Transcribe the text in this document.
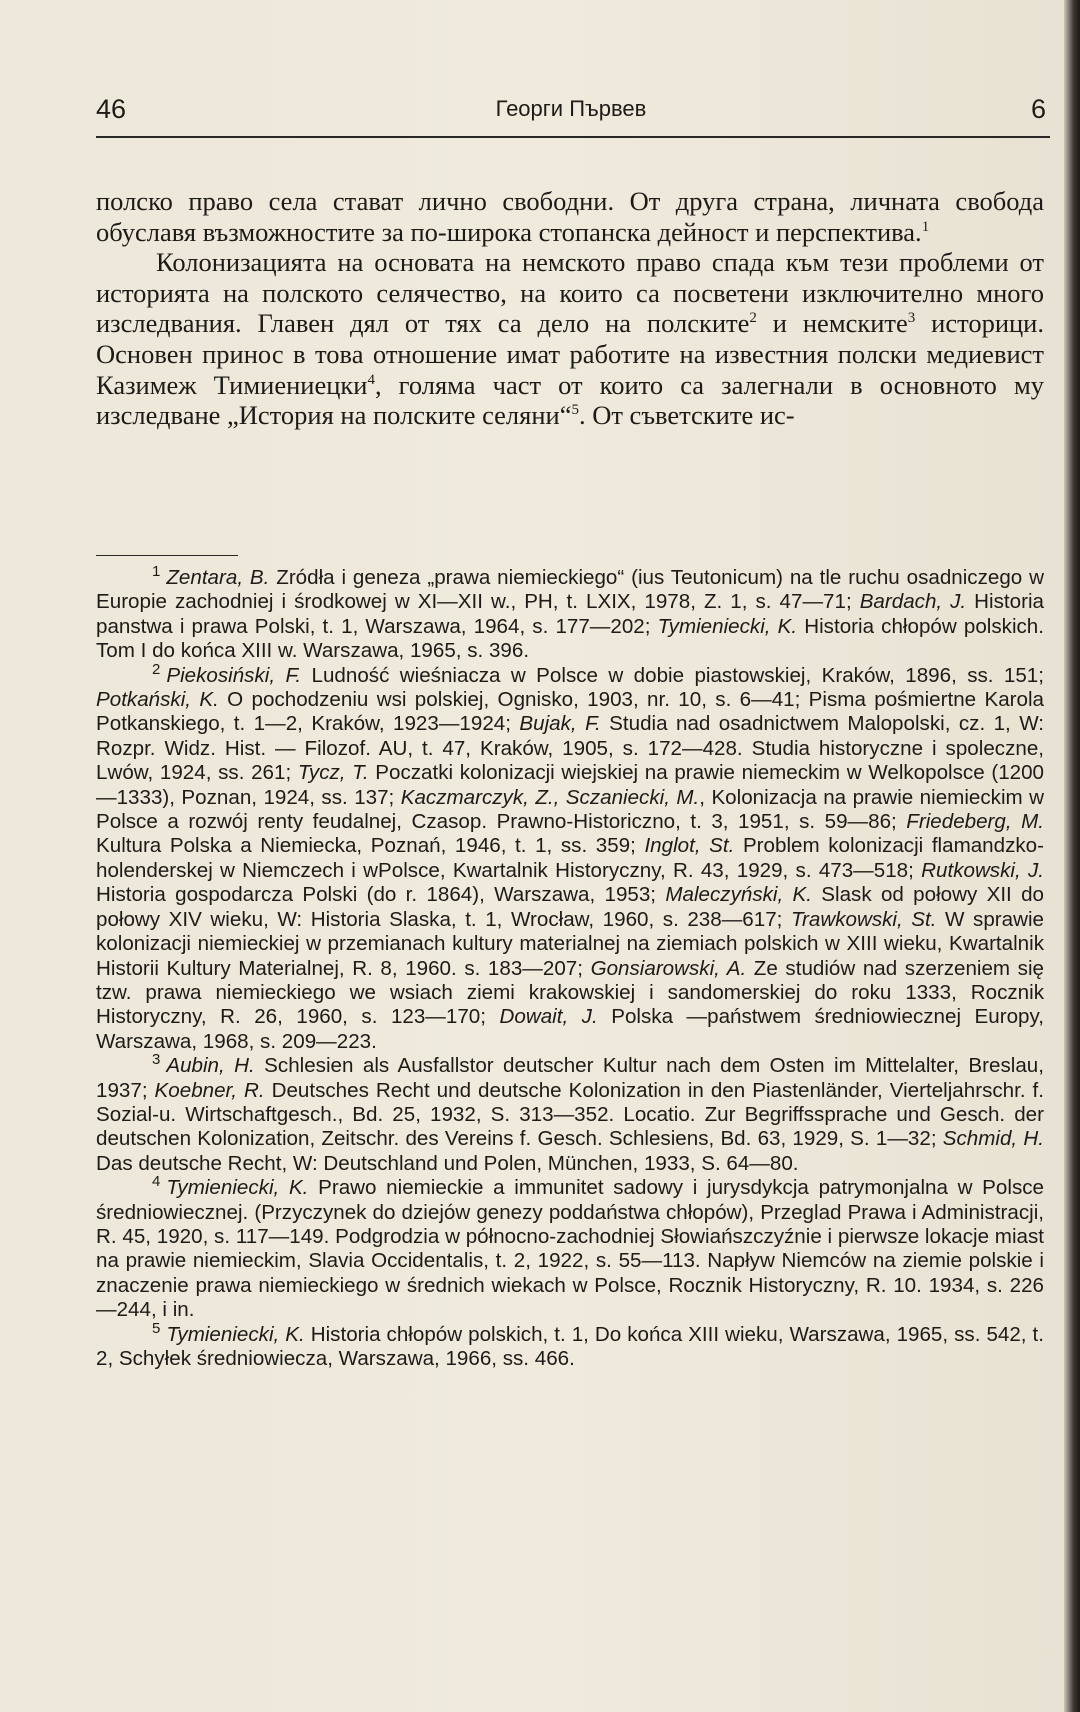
46	Георги Първев	6

полско право села стават лично свободни. От друга страна, личната свобода обуславя възможностите за по-широка стопанска дейност и перспектива.$^1$

Колонизацията на основата на немското право спада към тези проблеми от историята на полското селячество, на които са посветени изключително много изследвания. Главен дял от тях са дело на полските$^2$ и немските$^3$ историци. Основен принос в това отношение имат работите на известния полски медиевист Казимеж Тимиениецки$^4$, голяма част от които са залегнали в основното му изследване „История на полските селяни“$^5$. От съветските ис-

$^1$ Zentara, B. Zródła i geneza „prawa niemieckiego“ (ius Teutonicum) na tle ruchu osadniczego w Europie zachodniej i środkowej w XI—XII w., PH, t. LXIX, 1978, Z. 1, s. 47—71; Bardach, J. Historia panstwa i prawa Polski, t. 1, Warszawa, 1964, s. 177—202; Tymieniecki, K. Historia chłopów polskich. Tom I do końca XIII w. Warszawa, 1965, s. 396.

$^2$ Piekosiński, F. Ludność wieśniacza w Polsce w dobie piastowskiej, Kraków, 1896, ss. 151; Potkański, K. O pochodzeniu wsi polskiej, Ognisko, 1903, nr. 10, s. 6—41; Pisma pośmiertne Karola Potkanskiego, t. 1—2, Kraków, 1923—1924; Bujak, F. Studia nad osadnictwem Malopolski, cz. 1, W: Rozpr. Widz. Hist. — Filozof. AU, t. 47, Kraków, 1905, s. 172—428. Studia historyczne i spoleczne, Lwów, 1924, ss. 261; Tycz, T. Poczatki kolonizacji wiejskiej na prawie niemeckim w Welkopolsce (1200—1333), Poznan, 1924, ss. 137; Kaczmarczyk, Z., Sczaniecki, M., Kolonizacja na prawie niemieckim w Polsce a rozwój renty feudalnej, Czasop. Prawno-Historiczno, t. 3, 1951, s. 59—86; Friedeberg, M. Kultura Polska a Niemiecka, Poznań, 1946, t. 1, ss. 359; Inglot, St. Problem kolonizacji flamandzko-holenderskej w Niemczech i wPolsce, Kwartalnik Historyczny, R. 43, 1929, s. 473—518; Rutkowski, J. Historia gospodarcza Polski (do r. 1864), Warszawa, 1953; Maleczyński, K. Slask od połowy XII do połowy XIV wieku, W: Historia Slaska, t. 1, Wrocław, 1960, s. 238—617; Trawkowski, St. W sprawie kolonizacji niemieckiej w przemianach kultury materialnej na ziemiach polskich w XIII wieku, Kwartalnik Historii Kultury Materialnej, R. 8, 1960. s. 183—207; Gonsiarowski, A. Ze studiów nad szerzeniem się tzw. prawa niemieckiego we wsiach ziemi krakowskiej i sandomerskiej do roku 1333, Rocznik Historyczny, R. 26, 1960, s. 123—170; Dowait, J. Polska —państwem średniowiecznej Europy, Warszawa, 1968, s. 209—223.

$^3$ Aubin, H. Schlesien als Ausfallstor deutscher Kultur nach dem Osten im Mittelalter, Breslau, 1937; Koebner, R. Deutsches Recht und deutsche Kolonization in den Piastenländer, Vierteljahrschr. f. Sozial-u. Wirtschaftgesch., Bd. 25, 1932, S. 313—352. Locatio. Zur Begriffssprache und Gesch. der deutschen Kolonization, Zeitschr. des Vereins f. Gesch. Schlesiens, Bd. 63, 1929, S. 1—32; Schmid, H. Das deutsche Recht, W: Deutschland und Polen, München, 1933, S. 64—80.

$^4$ Tymieniecki, K. Prawo niemieckie a immunitet sadowy i jurysdykcja patrymonjalna w Polsce średniowiecznej. (Przyczynek do dziejów genezy poddaństwa chłopów), Przeglad Prawa i Administracji, R. 45, 1920, s. 117—149. Podgrodzia w północno-zachodniej Słowiańszczyźnie i pierwsze lokacje miast na prawie niemieckim, Slavia Occidentalis, t. 2, 1922, s. 55—113. Napływ Niemców na ziemie polskie i znaczenie prawa niemieckiego w średnich wiekach w Polsce, Rocznik Historyczny, R. 10. 1934, s. 226—244, i in.

$^5$ Tymieniecki, K. Historia chłopów polskich, t. 1, Do końca XIII wieku, Warszawa, 1965, ss. 542, t. 2, Schyłek średniowiecza, Warszawa, 1966, ss. 466.
